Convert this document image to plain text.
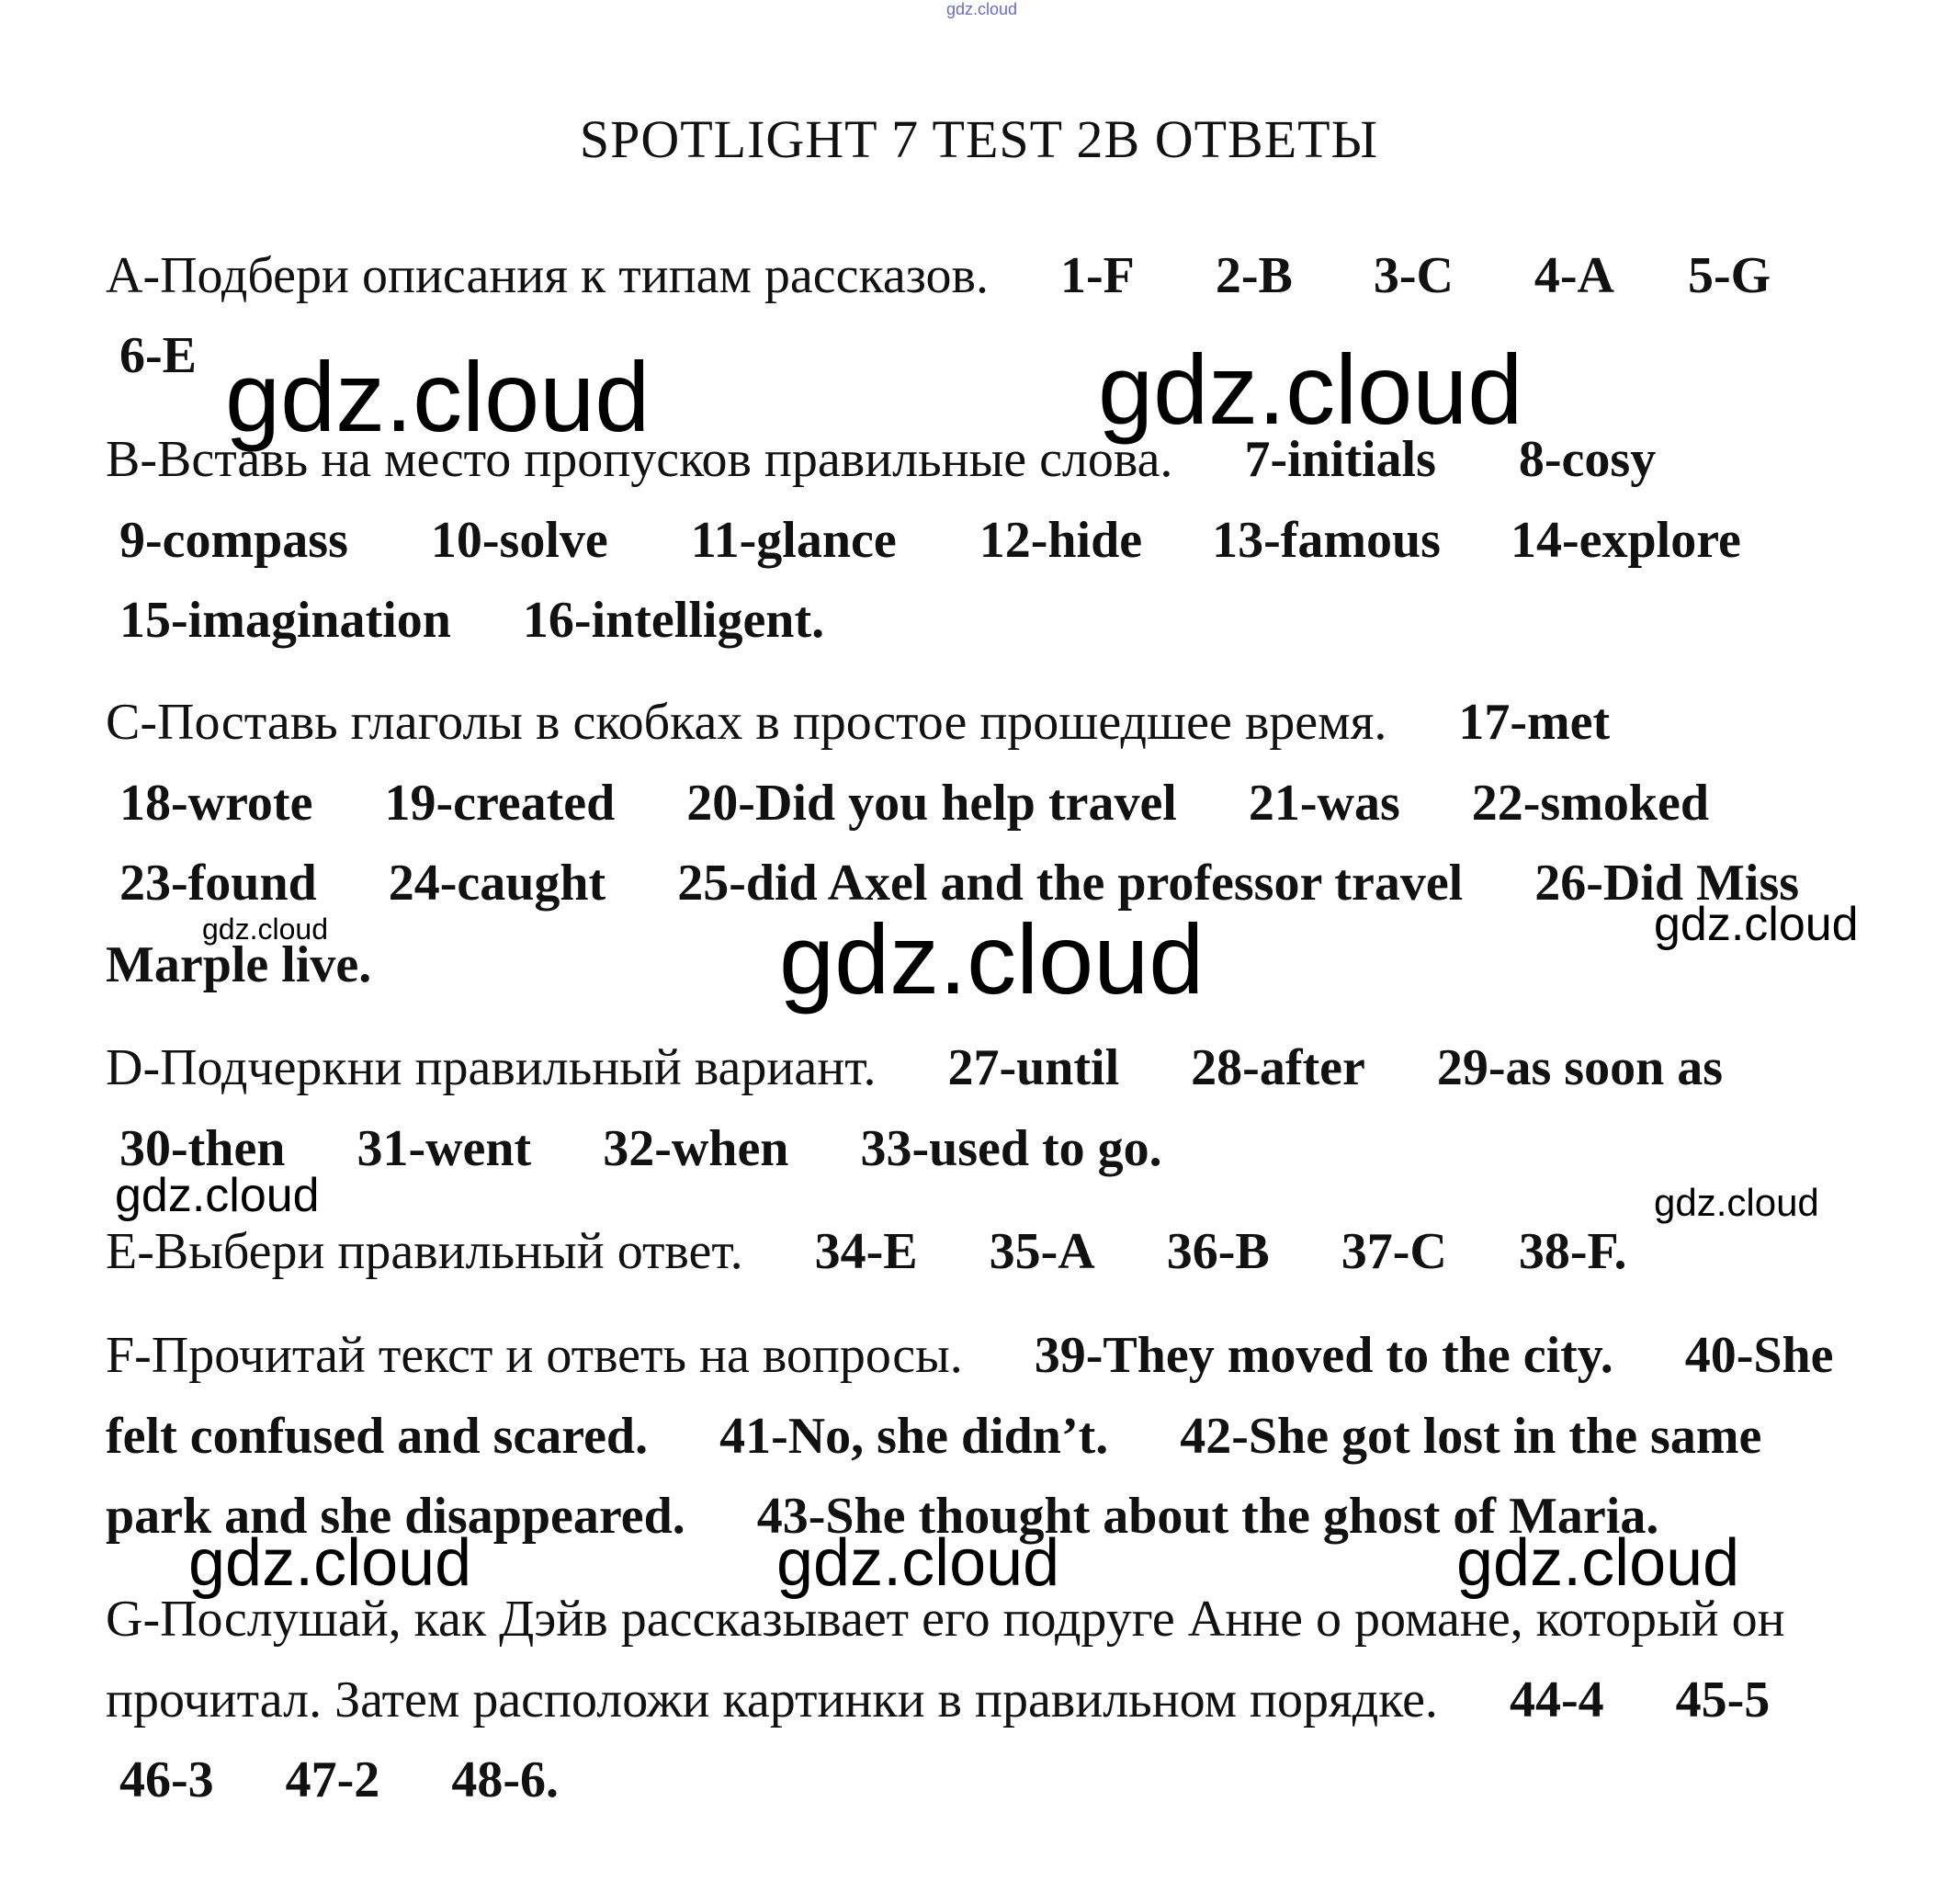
gdz.cloud
SPOTLIGHT 7 TEST 2B ОТВЕТЫ
A-Подбери описания к типам рассказов. 1-F 2-B 3-C 4-A 5-G
6-E
B-Вставь на место пропусков правильные слова. 7-initials 8-cosy
9-compass 10-solve 11-glance 12-hide 13-famous 14-explore
15-imagination 16-intelligent.
C-Поставь глаголы в скобках в простое прошедшее время. 17-met
18-wrote 19-created 20-Did you help travel 21-was 22-smoked
23-found 24-caught 25-did Axel and the professor travel 26-Did Miss
Marple live.
D-Подчеркни правильный вариант. 27-until 28-after 29-as soon as
30-then 31-went 32-when 33-used to go.
E-Выбери правильный ответ. 34-E 35-A 36-B 37-C 38-F.
F-Прочитай текст и ответь на вопросы. 39-They moved to the city. 40-She
felt confused and scared. 41-No, she didn’t. 42-She got lost in the same
park and she disappeared. 43-She thought about the ghost of Maria.
G-Послушай, как Дэйв рассказывает его подруге Анне о романе, который он
прочитал. Затем расположи картинки в правильном порядке. 44-4 45-5
46-3 47-2 48-6.
gdz.cloud	gdz.cloud
gdz.cloud	gdz.cloud	gdz.cloud
gdz.cloud	gdz.cloud
gdz.cloud	gdz.cloud	gdz.cloud
